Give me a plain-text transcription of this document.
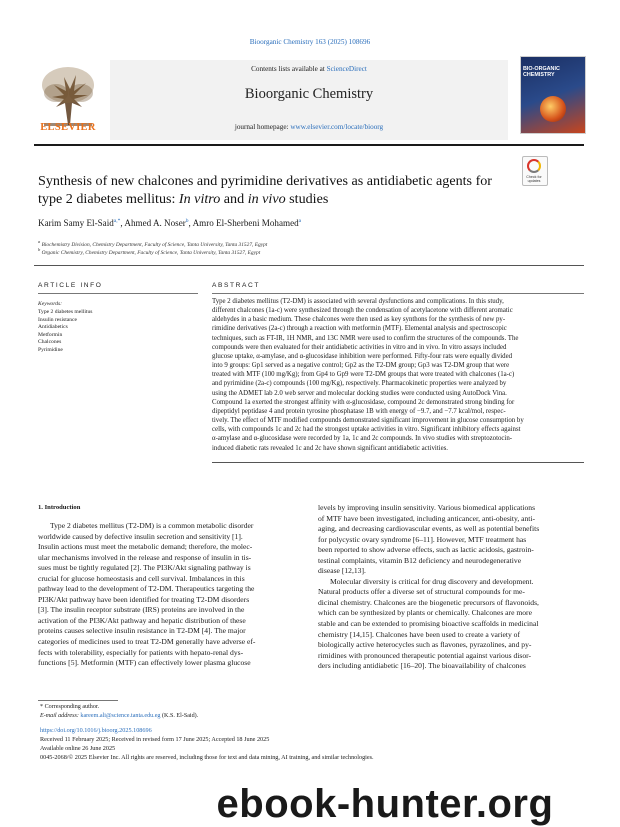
Bioorganic Chemistry 163 (2025) 108696
Contents lists available at ScienceDirect
Bioorganic Chemistry
journal homepage: www.elsevier.com/locate/bioorg
ELSEVIER
BIO-ORGANIC CHEMISTRY
Check for
updates
Synthesis of new chalcones and pyrimidine derivatives as antidiabetic agents for type 2 diabetes mellitus: In vitro and in vivo studies
Karim Samy El-Said$^{a,*}$, Ahmed A. Noser$^b$, Amro El-Sherbeni Mohamed$^a$
$^a$ Biochemistry Division, Chemistry Department, Faculty of Science, Tanta University, Tanta 31527, Egypt
$^b$ Organic Chemistry, Chemistry Department, Faculty of Science, Tanta University, Tanta 31527, Egypt
ARTICLE INFO
Keywords:
Type 2 diabetes mellitus
Insulin resistance
Antidiabetics
Metformin
Chalcones
Pyrimidine
ABSTRACT
Type 2 diabetes mellitus (T2-DM) is associated with several dysfunctions and complications. In this study,
different chalcones (1a-c) were synthesized through the condensation of acetylacetone with different aromatic
aldehydes in a basic medium. These chalcones were then used as key synthons for the synthesis of new py-
rimidine derivatives (2a-c) through a reaction with metformin (MTF). Elemental analysis and spectroscopic
techniques, such as FT-IR, 1H NMR, and 13C NMR were used to confirm the structures of the compounds. The
compounds were then evaluated for their antidiabetic activities in vitro and in vivo. In vitro assays included
glucose uptake, α-amylase, and α-glucosidase inhibition were performed. Fifty-four rats were equally divided
into 9 groups: Gp1 served as a negative control; Gp2 as the T2-DM group; Gp3 was T2-DM group that were
treated with MTF (100 mg/Kg); from Gp4 to Gp9 were T2-DM groups that were treated with chalcones (1a-c)
and pyrimidine (2a-c) compounds (100 mg/Kg), respectively. Pharmacokinetic properties were analyzed by
using the ADMET lab 2.0 web server and molecular docking studies were conducted using AutoDock Vina.
Compound 1a exerted the strongest affinity with α-glucosidase, compound 2c demonstrated strong binding for
dipeptidyl peptidase 4 and protein tyrosine phosphatase 1B with energy of −9.7, and −7.7 kcal/mol, respec-
tively. The effect of MTF modified compounds demonstrated significant improvement in glucose consumption by
cells, with compounds 1c and 2c had the strongest uptake activities in vitro. Significant inhibitory effects against
α-amylase and α-glucosidase were recorded by 1a, 1c and 2c compounds. In vivo studies with streptozotocin-
induced diabetic rats revealed 1c and 2c have shown significant antidiabetic activities.
1. Introduction
Type 2 diabetes mellitus (T2-DM) is a common metabolic disorder
worldwide caused by defective insulin secretion and sensitivity [1].
Insulin actions must meet the metabolic demand; therefore, the molec-
ular mechanisms involved in the release and response of insulin in tis-
sues must be tightly regulated [2]. The PI3K/Akt signaling pathway is
crucial for glucose homeostasis and cell survival. Imbalances in this
pathway lead to the development of T2-DM. Therapeutics targeting the
PI3K/Akt pathway have been identified for treating T2-DM disorders
[3]. The insulin receptor substrate (IRS) proteins are involved in the
activation of the PI3K/Akt pathway and hepatic distribution of these
proteins causes selective insulin resistance in T2-DM [4]. The major
categories of medicines used to treat T2-DM generally have adverse ef-
fects with tolerability, especially for patients with hepato-renal dys-
functions [5]. Metformin (MTF) can effectively lower plasma glucose
levels by improving insulin sensitivity. Various biomedical applications
of MTF have been investigated, including anticancer, anti-obesity, anti-
aging, and decreasing cardiovascular events, as well as potential benefits
for polycystic ovary syndrome [6–11]. However, MTF treatment has
been reported to show adverse effects, such as lactic acidosis, gastroin-
testinal complaints, vitamin B12 deficiency and neurodegenerative
disease [12,13].
Molecular diversity is critical for drug discovery and development.
Natural products offer a diverse set of structural compounds for me-
dicinal chemistry. Chalcones are the biogenetic precursors of flavonoids,
which can be synthesized by plants or chemically. Chalcones are more
stable and can be extended to promising bioactive scaffolds in medicinal
chemistry [14,15]. Chalcones have been used to create a variety of
biologically active heterocycles such as flavones, pyrazolines, and py-
rimidines with pronounced therapeutic potential against various disor-
ders including antidiabetic [16–20]. The bioavailability of chalcones
* Corresponding author.
E-mail address: kareem.ali@science.tanta.edu.eg (K.S. El-Said).
https://doi.org/10.1016/j.bioorg.2025.108696
Received 11 February 2025; Received in revised form 17 June 2025; Accepted 18 June 2025
Available online 26 June 2025
0045-2068/© 2025 Elsevier Inc. All rights are reserved, including those for text and data mining, AI training, and similar technologies.
ebook-hunter.org
